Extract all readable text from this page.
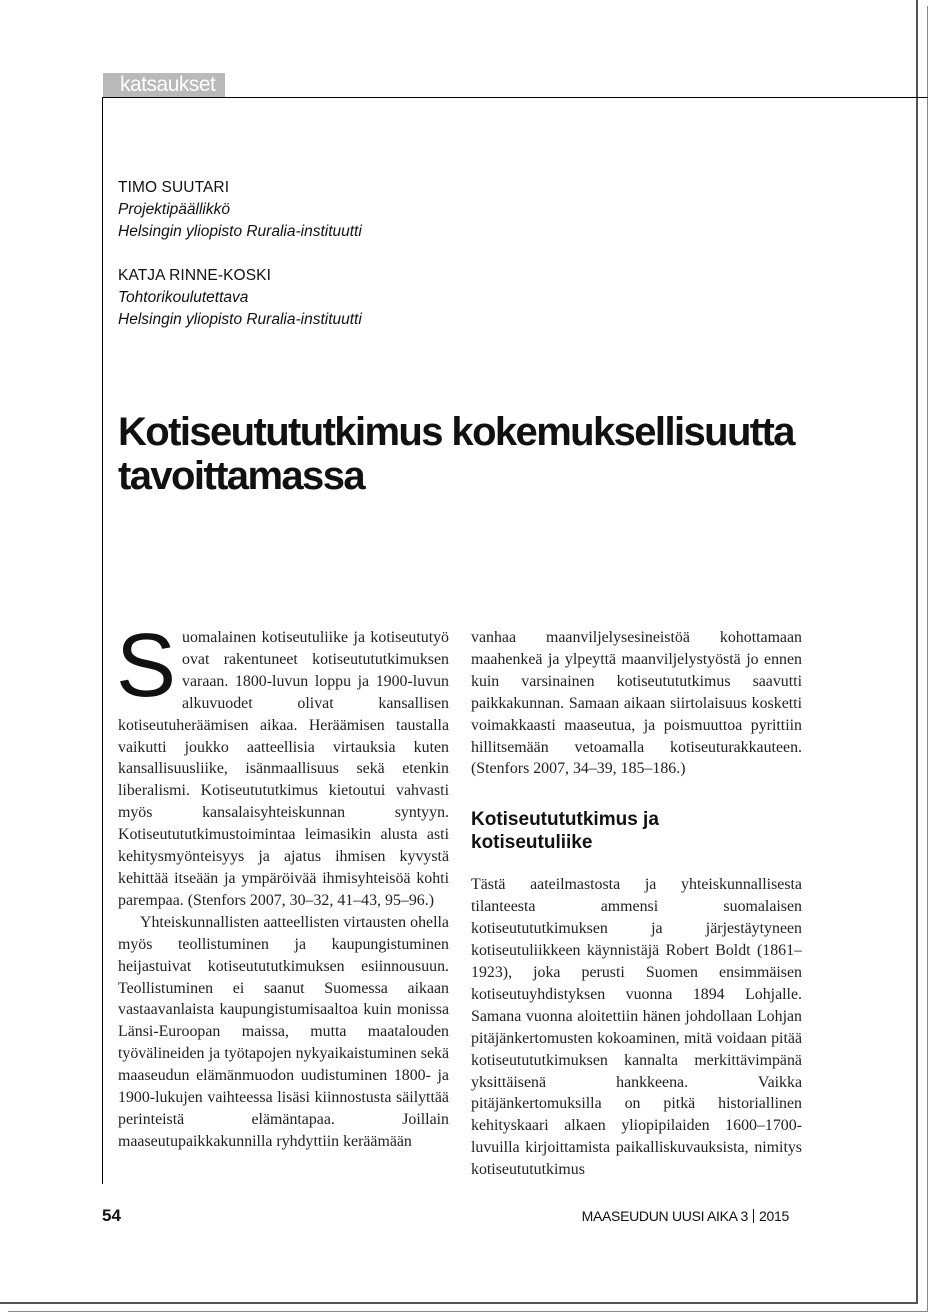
katsaukset
TIMO SUUTARI
Projektipäällikkö
Helsingin yliopisto Ruralia-instituutti
KATJA RINNE-KOSKI
Tohtorikoulutettava
Helsingin yliopisto Ruralia-instituutti
Kotiseutututkimus kokemuksellisuutta
tavoittamassa

Suomalainen kotiseutuliike ja kotiseututyö ovat rakentuneet kotiseutututkimuksen varaan. 1800-luvun loppu ja 1900-luvun alkuvuodet olivat kansallisen kotiseutuheräämisen aikaa. Heräämisen taustalla vaikutti joukko aatteellisia virtauksia kuten kansallisuusliike, isänmaallisuus sekä etenkin liberalismi. Kotiseutututkimus kietoutui vahvasti myös kansalaisyhteiskunnan syntyyn. Kotiseutututkimustoimintaa leimasikin alusta asti kehitysmyönteisyys ja ajatus ihmisen kyvystä kehittää itseään ja ympäröivää ihmisyhteisöä kohti parempaa. (Stenfors 2007, 30–32, 41–43, 95–96.)

Yhteiskunnallisten aatteellisten virtausten ohella myös teollistuminen ja kaupungistuminen heijastuivat kotiseutututkimuksen esiinnousuun. Teollistuminen ei saanut Suomessa aikaan vastaavanlaista kaupungistumisaaltoa kuin monissa Länsi-Euroopan maissa, mutta maatalouden työvälineiden ja työtapojen nykyaikaistuminen sekä maaseudun elämänmuodon uudistuminen 1800- ja 1900-lukujen vaihteessa lisäsi kiinnostusta säilyttää perinteistä elämäntapaa. Joillain maaseutupaikkakunnilla ryhdyttiin keräämään

vanhaa maanviljelysesineistöä kohottamaan maahenkeä ja ylpeyttä maanviljelystyöstä jo ennen kuin varsinainen kotiseutututkimus saavutti paikkakunnan. Samaan aikaan siirtolaisuus kosketti voimakkaasti maaseutua, ja poismuuttoa pyrittiin hillitsemään vetoamalla kotiseuturakkauteen. (Stenfors 2007, 34–39, 185–186.)

Kotiseutututkimus ja
kotiseutuliike

Tästä aateilmastosta ja yhteiskunnallisesta tilanteesta ammensi suomalaisen kotiseutututkimuksen ja järjestäytyneen kotiseutuliikkeen käynnistäjä Robert Boldt (1861–1923), joka perusti Suomen ensimmäisen kotiseutuyhdistyksen vuonna 1894 Lohjalle. Samana vuonna aloitettiin hänen johdollaan Lohjan pitäjänkertomusten kokoaminen, mitä voidaan pitää kotiseutututkimuksen kannalta merkittävimpänä yksittäisenä hankkeena. Vaikka pitäjänkertomuksilla on pitkä historiallinen kehityskaari alkaen yliopipilaiden 1600–1700-luvuilla kirjoittamista paikalliskuvauksista, nimitys kotiseutututkimus

54	MAASEUDUN UUSI AIKA 3 2015
